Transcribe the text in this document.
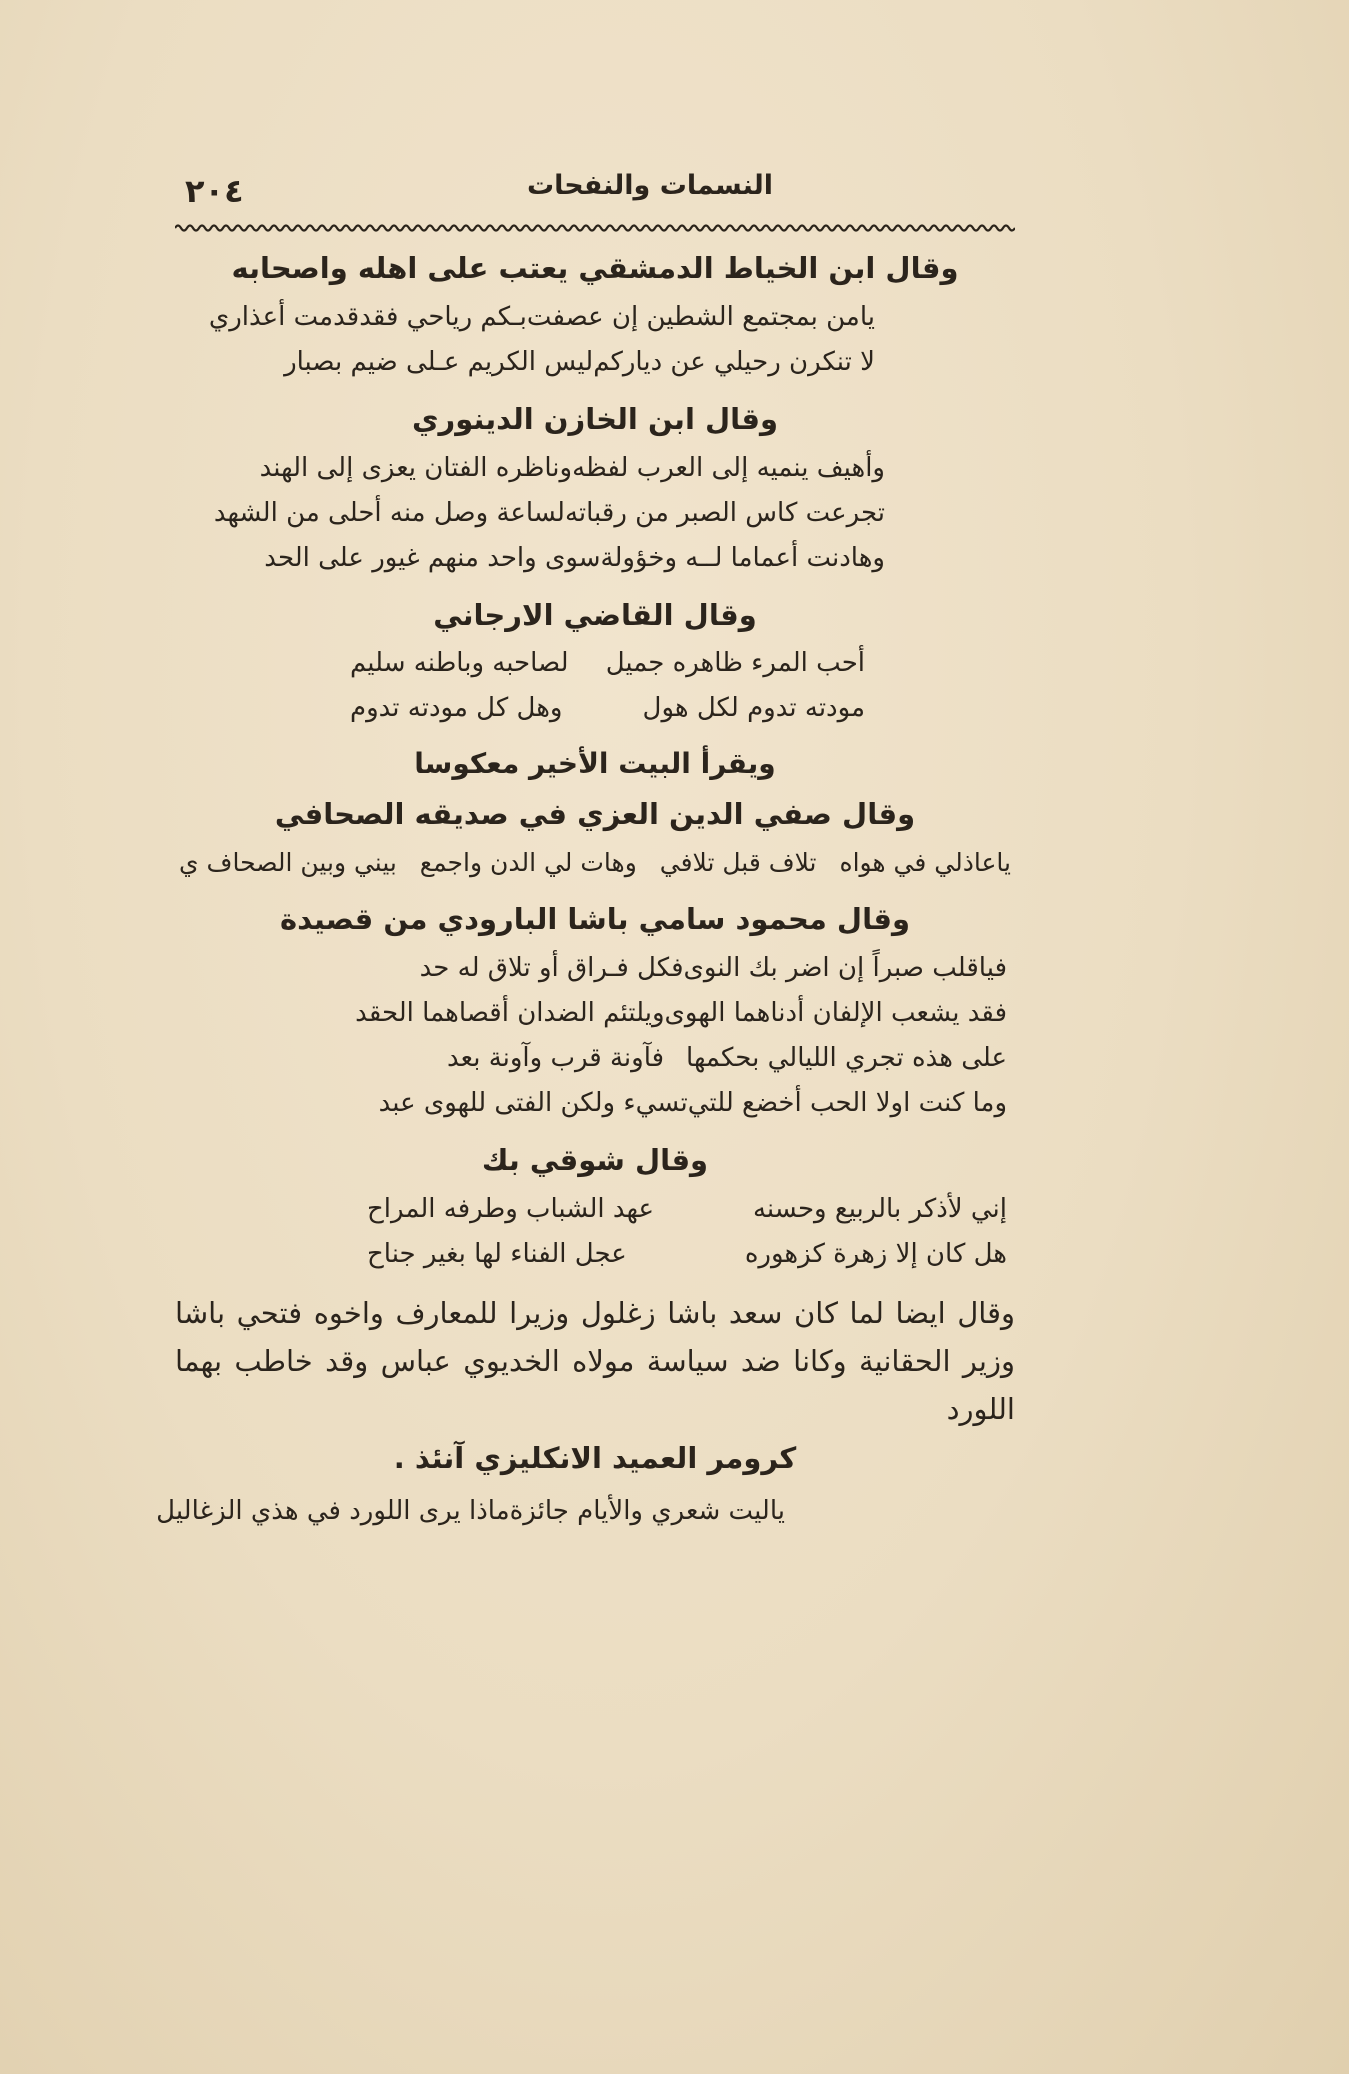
٢٠٤	النسمات والنفحات
وقال ابن الخياط الدمشقي يعتب على اهله واصحابه
يامن بمجتمع الشطين إن عصفت
بـكم رياحي فقدقدمت أعذاري
لا تنكرن رحيلي عن دياركم
ليس الكريم عـلى ضيم بصبار
وقال ابن الخازن الدينوري
وأهيف ينميه إلى العرب لفظه
وناظره الفتان يعزى إلى الهند
تجرعت كاس الصبر من رقباته
لساعة وصل منه أحلى من الشهد
وهادنت أعماما لــه وخؤولة
سوى واحد منهم غيور على الحد
وقال القاضي الارجاني
أحب المرء ظاهره جميل
لصاحبه وباطنه سليم
مودته تدوم لكل هول
وهل كل مودته تدوم
ويقرأ البيت الأخير معكوسا
وقال صفي الدين العزي في صديقه الصحافي
ياعاذلي في هواه
تلاف قبل تلافي
وهات لي الدن واجمع
بيني وبين الصحاف ي
وقال محمود سامي باشا البارودي من قصيدة
فياقلب صبراً إن اضر بك النوى
فكل فـراق أو تلاق له حد
فقد يشعب الإلفان أدناهما الهوى
ويلتئم الضدان أقصاهما الحقد
على هذه تجري الليالي بحكمها
فآونة قرب وآونة بعد
وما كنت اولا الحب أخضع للتي
تسيء ولكن الفتى للهوى عبد
وقال شوقي بك
إني لأذكر بالربيع وحسنه
عهد الشباب وطرفه المراح
هل كان إلا زهرة كزهوره
عجل الفناء لها بغير جناح

وقال ايضا لما كان سعد باشا زغلول وزيرا للمعارف واخوه فتحي باشا وزير الحقانية وكانا ضد سياسة مولاه الخديوي عباس وقد خاطب بهما اللورد

كرومر العميد الانكليزي آنئذ .
ياليت شعري والأيام جائزة
ماذا يرى اللورد في هذي الزغاليل
